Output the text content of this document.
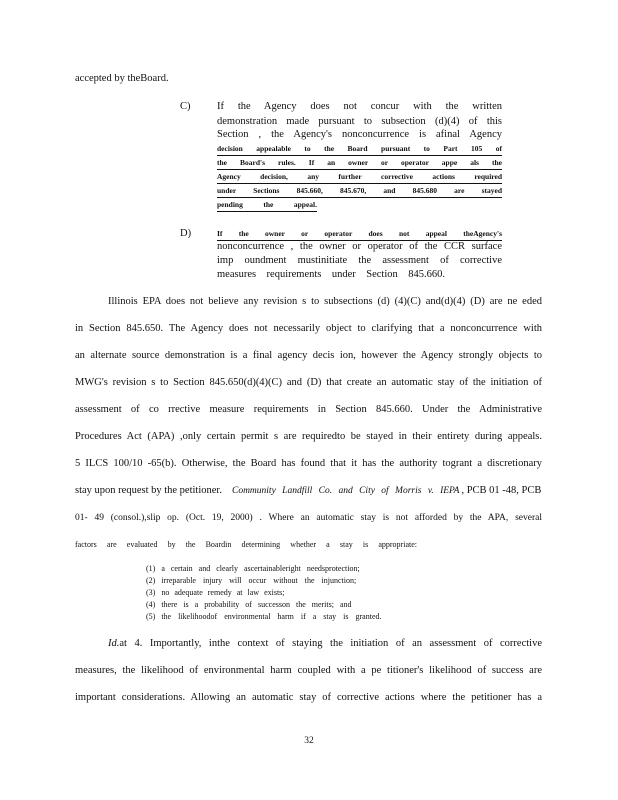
accepted by theBoard.
C)	If the Agency does not concur with the written
demonstration made pursuant to subsection (d)(4) of this
Section , the Agency's nonconcurrence is afinal Agency
decision appealable to the Board pursuant to Part 105 of
the Board's rules. If an owner or operator appe als the
Agency decision, any further corrective actions required
under Sections 845.660, 845.670, and 845.680 are stayed
pending the appeal.
D)	If the owner or operator does not appeal theAgency's
nonconcurrence , the owner or operator of the CCR surface
imp oundment mustinitiate the assessment of corrective
measures requirements under Section 845.660.
Illinois EPA does not believe any revision s to subsections (d) (4)(C) and(d)(4) (D) are ne eded
in Section 845.650. The Agency does not necessarily object to clarifying that a nonconcurrence with
an alternate source demonstration is a final agency decis ion, however the Agency strongly objects to
MWG's revision s to Section 845.650(d)(4)(C) and (D) that create an automatic stay of the initiation of
assessment of co rrective measure requirements in Section 845.660. Under the Administrative
Procedures Act (APA) ,only certain permit s are requiredto be stayed in their entirety during appeals.
5 ILCS 100/10 -65(b). Otherwise, the Board has found that it has the authority togrant a discretionary
stay upon request by the petitioner. Community Landfill Co. and City of Morris v. IEPA , PCB 01 -48, PCB
01- 49 (consol.),slip op. (Oct. 19, 2000) . Where an automatic stay is not afforded by the APA, several
factors are evaluated by the Boardin determining whether a stay is appropriate:
(1) a certain and clearly ascertainableright needsprotection;
(2) irreparable injury will occur without the injunction;
(3) no adequate remedy at law exists;
(4) there is a probability of successon the merits; and
(5) the likelihoodof environmental harm if a stay is granted.
Id. at 4. Importantly, inthe context of staying the initiation of an assessment of corrective
measures, the likelihood of environmental harm coupled with a pe titioner's likelihood of success are
important considerations. Allowing an automatic stay of corrective actions where the petitioner has a
32
